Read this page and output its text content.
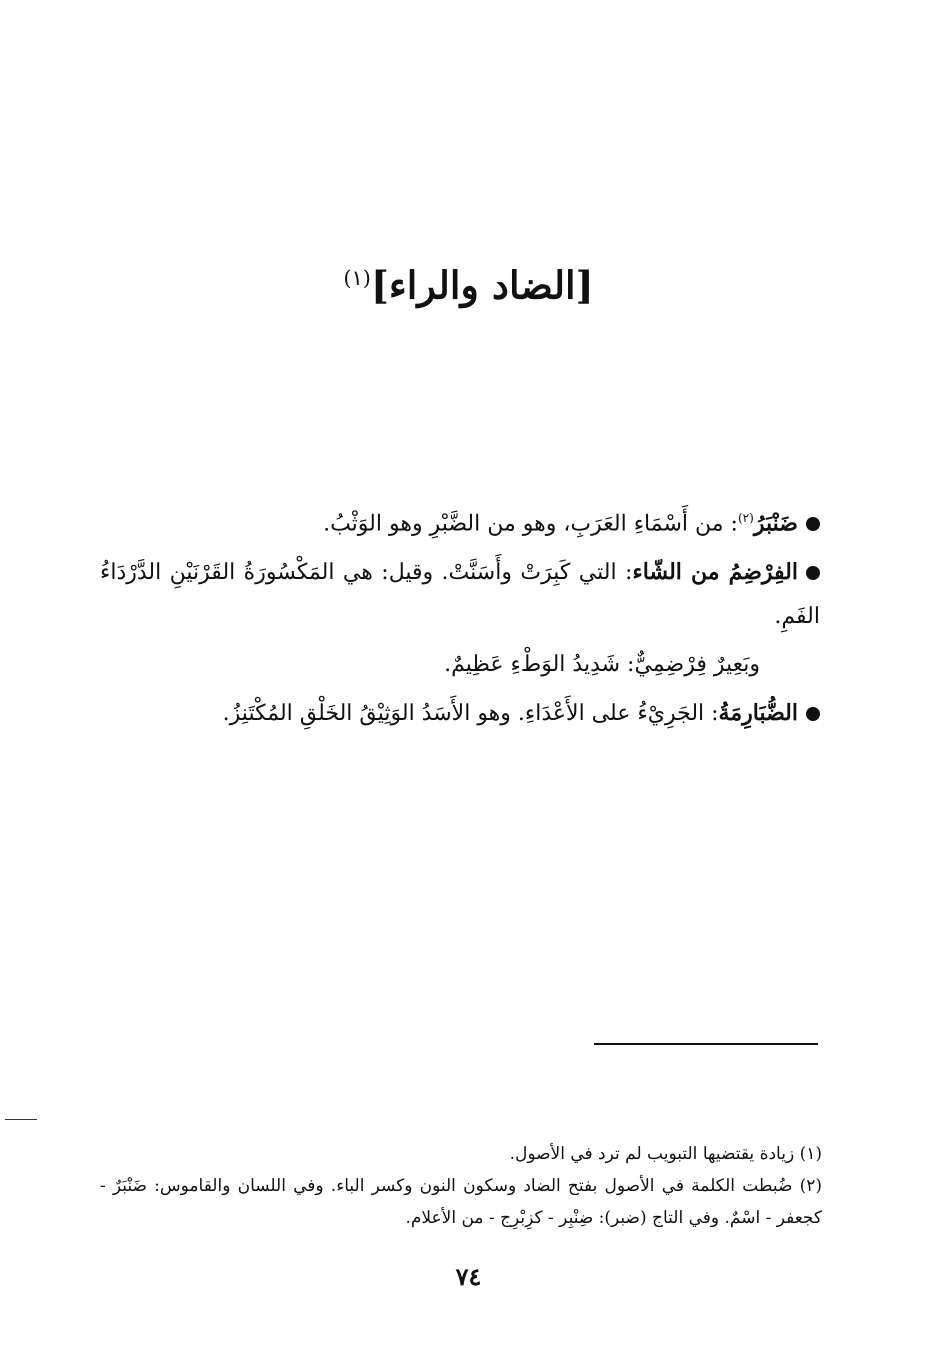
[الضاد والراء]$^{(١)}$

ضَنْبَرُ$^{(٢)}$: من أَسْمَاءِ العَرَبِ، وهو من الضَّبْرِ وهو الوَثْبُ.

الفِرْضِمُ من الشّاء: التي كَبِرَتْ وأَسَنَّتْ. وقيل: هي المَكْسُورَةُ القَرْنَيْنِ الدَّرْدَاءُ الفَمِ.

وبَعِيرٌ فِرْضِمِيٌّ: شَدِيدُ الوَطْءِ عَظِيمٌ.

الضُّبَارِمَةُ: الجَرِيْءُ على الأَعْدَاءِ. وهو الأَسَدُ الوَثِيْقُ الخَلْقِ المُكْتَنِزُ.

(١) زيادة يقتضيها التبويب لم ترد في الأصول.

(٢) ضُبطت الكلمة في الأصول بفتح الضاد وسكون النون وكسر الباء. وفي اللسان والقاموس: ضَنْبَرٌ - كجعفر - اسْمٌ. وفي التاج (ضبر): ضِنْبِر - كزِبْرِج - من الأعلام.

٧٤
